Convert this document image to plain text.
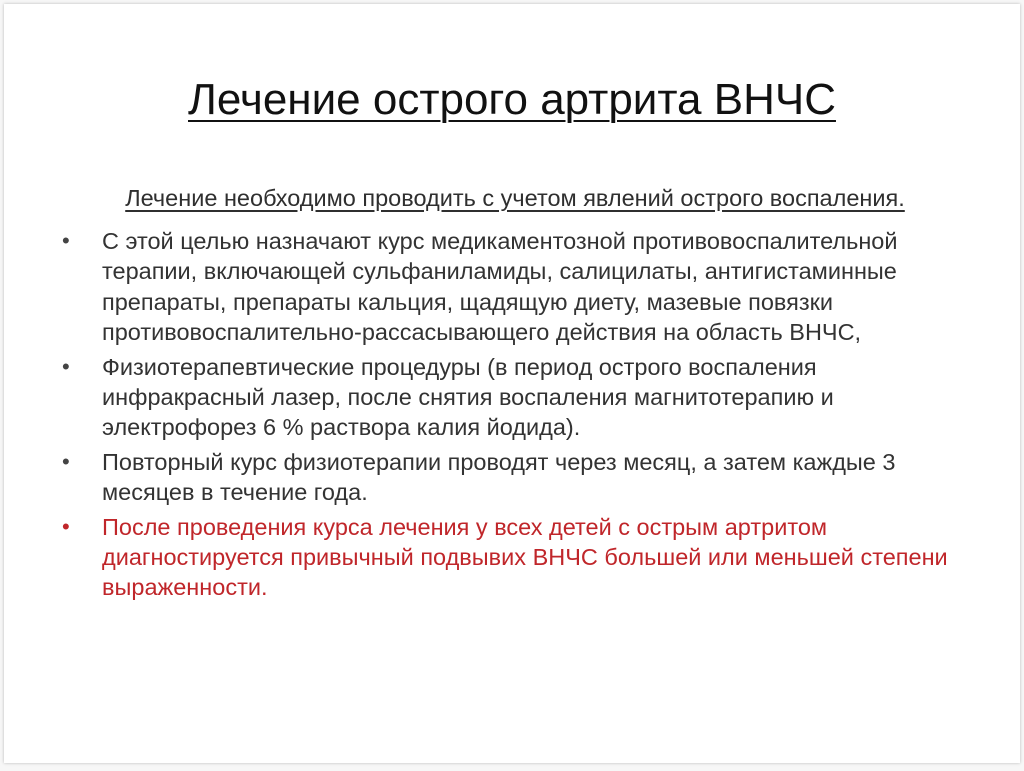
Лечение острого артрита ВНЧС
Лечение необходимо проводить с учетом явлений острого воспаления.
•	С этой целью назначают курс медикаментозной противовоспалительной терапии, включающей сульфаниламиды, салицилаты, антигистаминные препараты, препараты кальция, щадящую диету, мазевые повязки противовоспалительно-рассасывающего действия на область ВНЧС,
•	Физиотерапевтические процедуры (в период острого воспаления инфракрасный лазер, после снятия воспаления магнитотерапию и электрофорез 6 % раствора калия йодида).
•	Повторный курс физиотерапии проводят через месяц, а затем каждые 3 месяцев в течение года.
•	После проведения курса лечения у всех детей с острым артритом диагностируется привычный подвывих ВНЧС большей или меньшей степени выраженности.
